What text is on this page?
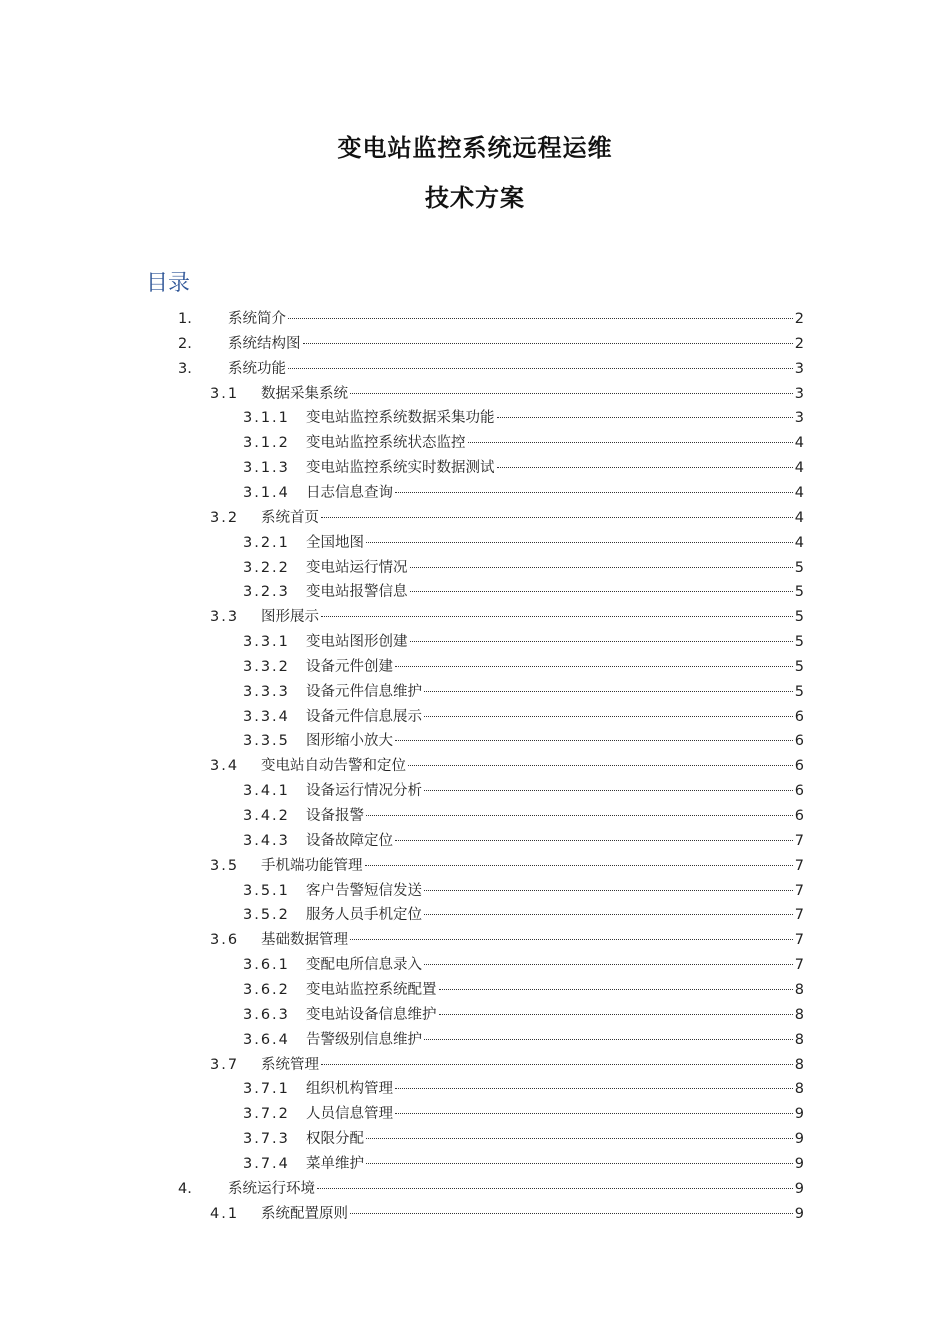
变电站监控系统远程运维
技术方案
目录
1.	系统简介	2
2.	系统结构图	2
3.	系统功能	3
3.1	数据采集系统	3
3.1.1	变电站监控系统数据采集功能	3
3.1.2	变电站监控系统状态监控	4
3.1.3	变电站监控系统实时数据测试	4
3.1.4	日志信息查询	4
3.2	系统首页	4
3.2.1	全国地图	4
3.2.2	变电站运行情况	5
3.2.3	变电站报警信息	5
3.3	图形展示	5
3.3.1	变电站图形创建	5
3.3.2	设备元件创建	5
3.3.3	设备元件信息维护	5
3.3.4	设备元件信息展示	6
3.3.5	图形缩小放大	6
3.4	变电站自动告警和定位	6
3.4.1	设备运行情况分析	6
3.4.2	设备报警	6
3.4.3	设备故障定位	7
3.5	手机端功能管理	7
3.5.1	客户告警短信发送	7
3.5.2	服务人员手机定位	7
3.6	基础数据管理	7
3.6.1	变配电所信息录入	7
3.6.2	变电站监控系统配置	8
3.6.3	变电站设备信息维护	8
3.6.4	告警级别信息维护	8
3.7	系统管理	8
3.7.1	组织机构管理	8
3.7.2	人员信息管理	9
3.7.3	权限分配	9
3.7.4	菜单维护	9
4.	系统运行环境	9
4.1	系统配置原则	9
